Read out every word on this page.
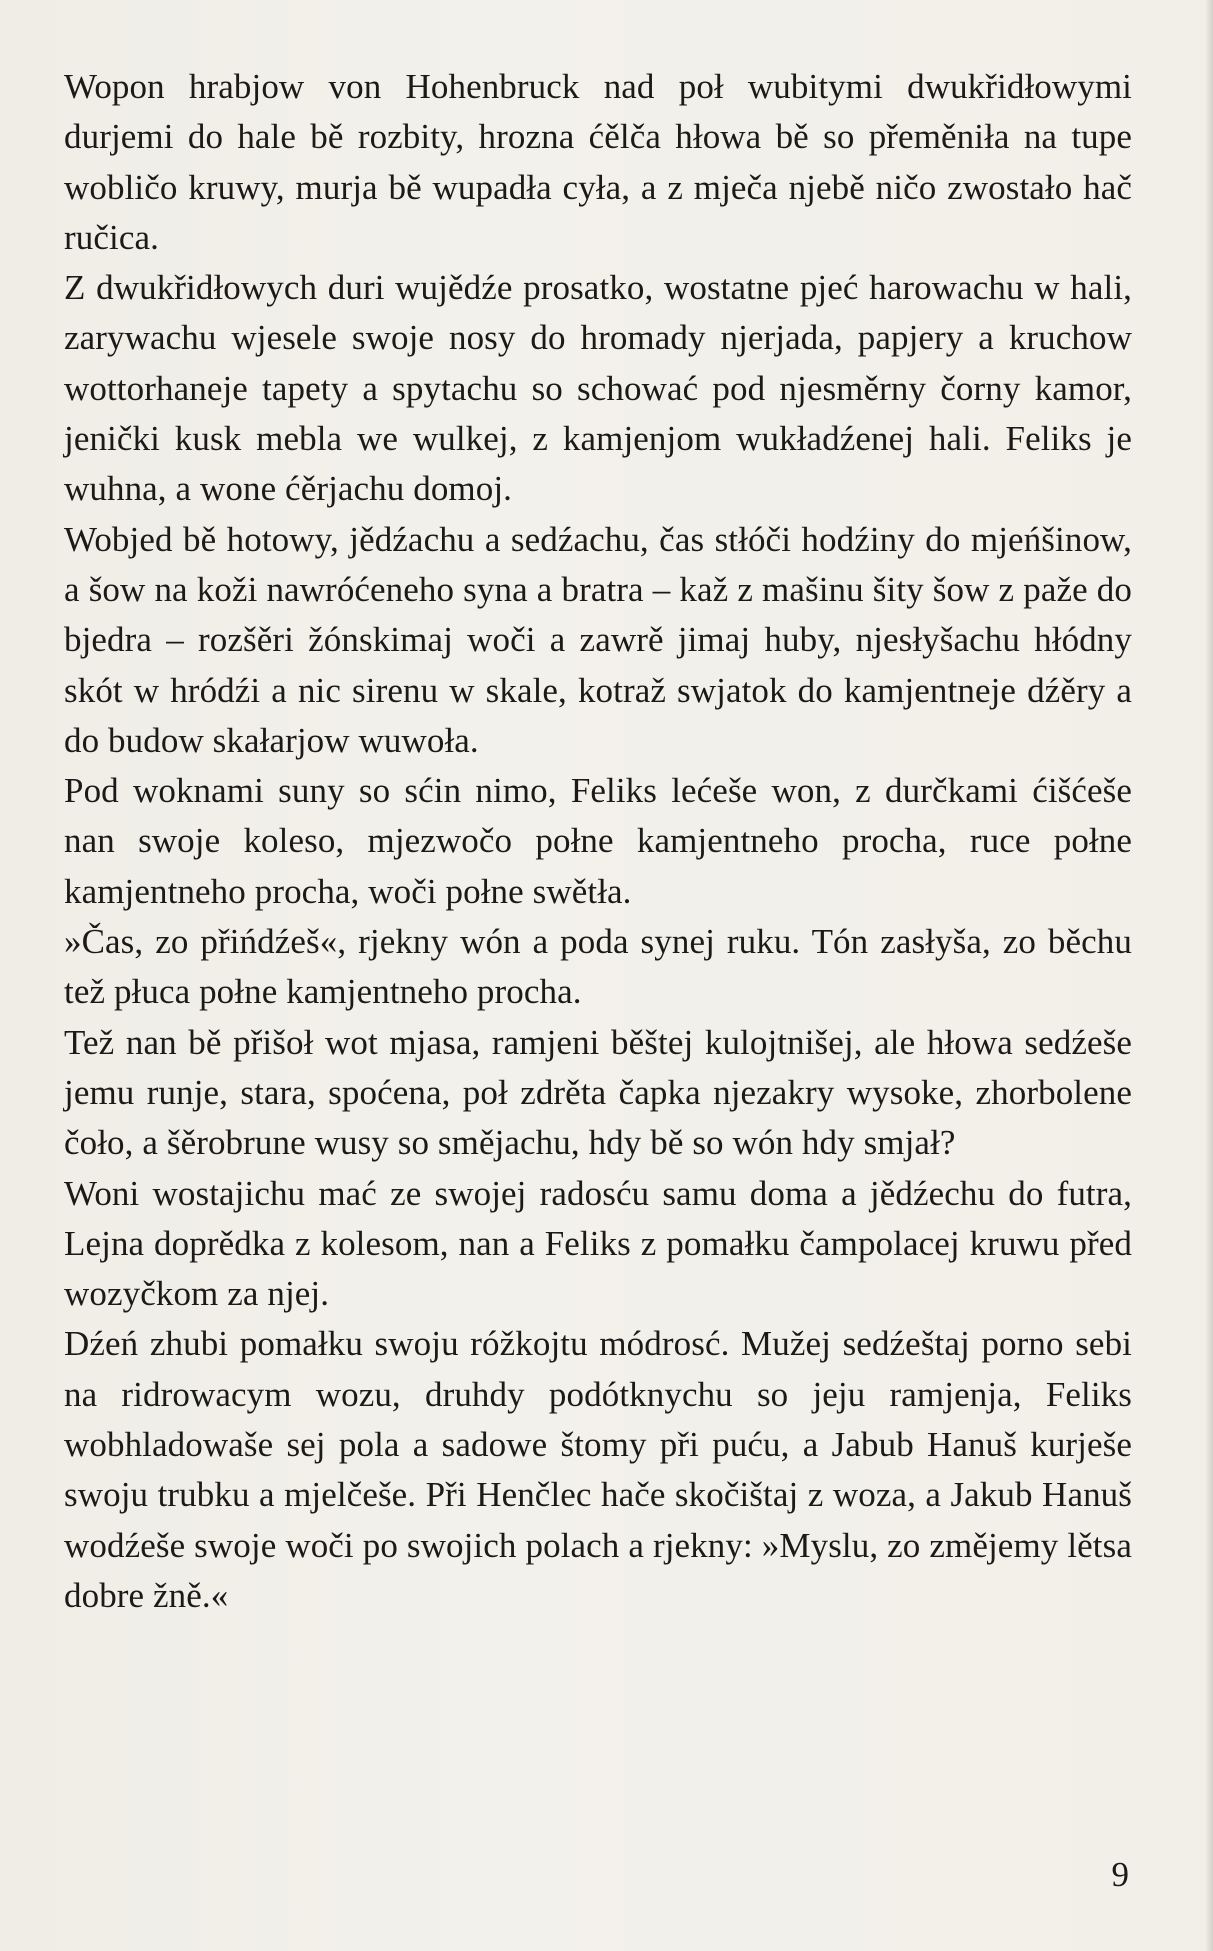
Wopon hrabjow von Hohenbruck nad poł wubitymi dwukřidłowymi durjemi do hale bě rozbity, hrozna ćělča hłowa bě so přeměniła na tupe wobličo kruwy, murja bě wupadła cyła, a z mječa njebě ničo zwostało hač ručica.

Z dwukřidłowych duri wujědźe prosatko, wostatne pjeć harowachu w hali, zarywachu wjesele swoje nosy do hromady njerjada, papjery a kruchow wottorhaneje tapety a spytachu so schować pod njesměrny čorny kamor, jenički kusk mebla we wulkej, z kamjenjom wukładźenej hali. Feliks je wuhna, a wone ćěrjachu domoj.

Wobjed bě hotowy, jědźachu a sedźachu, čas stłóči hodźiny do mjeńšinow, a šow na koži nawróćeneho syna a bratra – kaž z mašinu šity šow z paže do bjedra – rozšěri žónskimaj woči a zawrě jimaj huby, njesłyšachu hłódny skót w hródźi a nic sirenu w skale, kotraž swjatok do kamjentneje dźěry a do budow skałarjow wuwoła.

Pod woknami suny so sćin nimo, Feliks lećeše won, z durčkami ćišćeše nan swoje koleso, mjezwočo połne kamjentneho procha, ruce połne kamjentneho procha, woči połne swětła.

»Čas, zo přińdźeš«, rjekny wón a poda synej ruku. Tón zasłyša, zo běchu tež płuca połne kamjentneho procha.

Tež nan bě přišoł wot mjasa, ramjeni běštej kulojtnišej, ale hłowa sedźeše jemu runje, stara, spoćena, poł zdrěta čapka njezakry wysoke, zhorbolene čoło, a šěrobrune wusy so smějachu, hdy bě so wón hdy smjał?

Woni wostajichu mać ze swojej radosću samu doma a jědźechu do futra, Lejna doprědka z kolesom, nan a Feliks z pomałku čampolacej kruwu před wozyčkom za njej.

Dźeń zhubi pomałku swoju róžkojtu módrosć. Mužej sedźeštaj porno sebi na ridrowacym wozu, druhdy podótknychu so jeju ramjenja, Feliks wobhladowaše sej pola a sadowe štomy při puću, a Jabub Hanuš kurješe swoju trubku a mjelčeše. Při Henčlec hače skočištaj z woza, a Jakub Hanuš wodźeše swoje woči po swojich polach a rjekny: »Myslu, zo změjemy lětsa dobre žně.«

9
